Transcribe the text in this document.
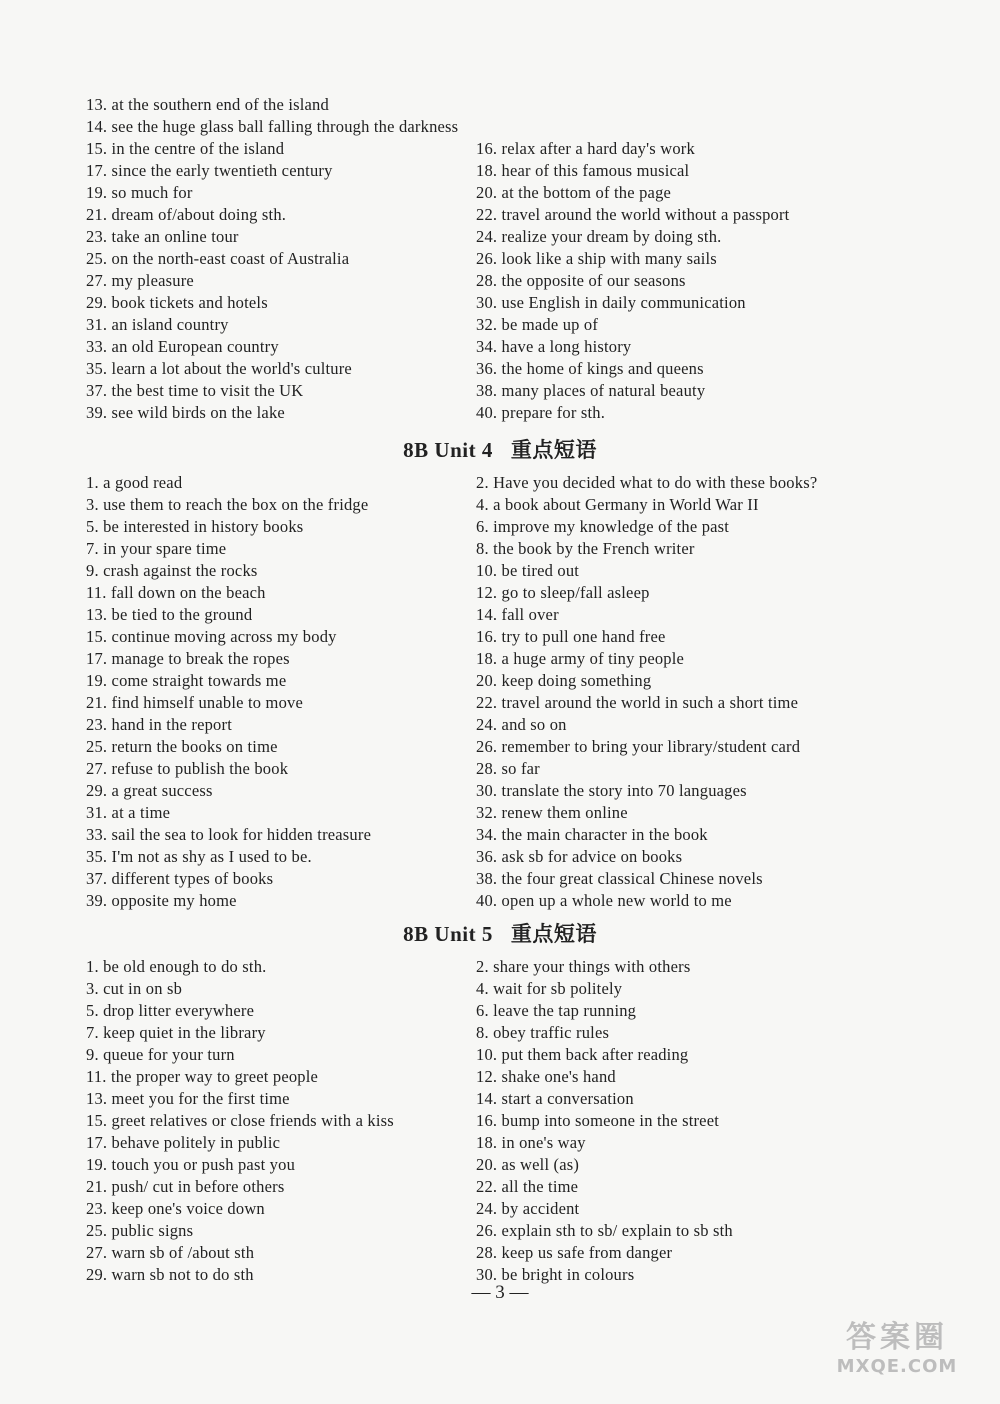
13. at the southern end of the island
14. see the huge glass ball falling through the darkness
15. in the centre of the island	16. relax after a hard day's work
17. since the early twentieth century	18. hear of this famous musical
19. so much for	20. at the bottom of the page
21. dream of/about doing sth.	22. travel around the world without a passport
23. take an online tour	24. realize your dream by doing sth.
25. on the north-east coast of Australia	26. look like a ship with many sails
27. my pleasure	28. the opposite of our seasons
29. book tickets and hotels	30. use English in daily communication
31. an island country	32. be made up of
33. an old European country	34. have a long history
35. learn a lot about the world's culture	36. the home of kings and queens
37. the best time to visit the UK	38. many places of natural beauty
39. see wild birds on the lake	40. prepare for sth.
8B Unit 4 重点短语
1. a good read	2. Have you decided what to do with these books?
3. use them to reach the box on the fridge	4. a book about Germany in World War II
5. be interested in history books	6. improve my knowledge of the past
7. in your spare time	8. the book by the French writer
9. crash against the rocks	10. be tired out
11. fall down on the beach	12. go to sleep/fall asleep
13. be tied to the ground	14. fall over
15. continue moving across my body	16. try to pull one hand free
17. manage to break the ropes	18. a huge army of tiny people
19. come straight towards me	20. keep doing something
21. find himself unable to move	22. travel around the world in such a short time
23. hand in the report	24. and so on
25. return the books on time	26. remember to bring your library/student card
27. refuse to publish the book	28. so far
29. a great success	30. translate the story into 70 languages
31. at a time	32. renew them online
33. sail the sea to look for hidden treasure	34. the main character in the book
35. I'm not as shy as I used to be.	36. ask sb for advice on books
37. different types of books	38. the four great classical Chinese novels
39. opposite my home	40. open up a whole new world to me
8B Unit 5 重点短语
1. be old enough to do sth.	2. share your things with others
3. cut in on sb	4. wait for sb politely
5. drop litter everywhere	6. leave the tap running
7. keep quiet in the library	8. obey traffic rules
9. queue for your turn	10. put them back after reading
11. the proper way to greet people	12. shake one's hand
13. meet you for the first time	14. start a conversation
15. greet relatives or close friends with a kiss	16. bump into someone in the street
17. behave politely in public	18. in one's way
19. touch you or push past you	20. as well (as)
21. push/ cut in before others	22. all the time
23. keep one's voice down	24. by accident
25. public signs	26. explain sth to sb/ explain to sb sth
27. warn sb of /about sth	28. keep us safe from danger
29. warn sb not to do sth	30. be bright in colours
— 3 —
答案圈
MXQE.COM
